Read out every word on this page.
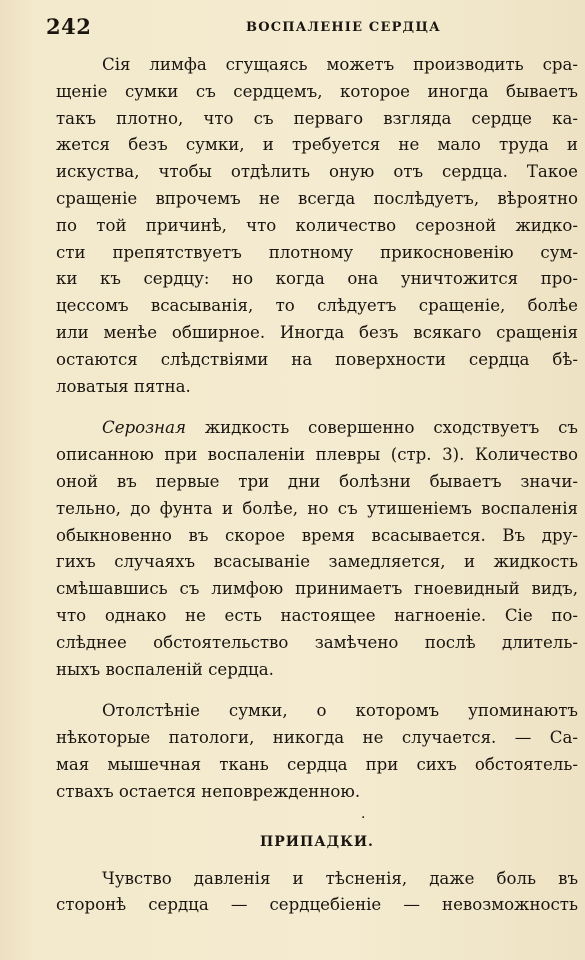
242	ВОСПАЛЕНІЕ СЕРДЦА
Сія лимфа сгущаясь можетъ производить сра-
щеніе сумки съ сердцемъ, которое иногда бываетъ
такъ плотно, что съ перваго взгляда сердце ка-
жется безъ сумки, и требуется не мало труда и
искуства, чтобы отдѣлить оную отъ сердца. Такое
сращеніе впрочемъ не всегда послѣдуетъ, вѣроятно
по той причинѣ, что количество серозной жидко-
сти препятствуетъ плотному прикосновенію сум-
ки къ сердцу: но когда она уничтожится про-
цессомъ всасыванія, то слѣдуетъ сращеніе, болѣе
или менѣе обширное. Иногда безъ всякаго сращенія
остаются слѣдствіями на поверхности сердца бѣ-
ловатыя пятна.
Серозная жидкость совершенно сходствуетъ съ
описанною при воспаленіи плевры (стр. 3). Количество
оной въ первые три дни болѣзни бываетъ значи-
тельно, до фунта и болѣе, но съ утишеніемъ воспаленія
обыкновенно въ скорое время всасывается. Въ дру-
гихъ случаяхъ всасываніе замедляется, и жидкость
смѣшавшись съ лимфою принимаетъ гноевидный видъ,
что однако не есть настоящее нагноеніе. Сіе по-
слѣднее обстоятельство замѣчено послѣ длитель-
ныхъ воспаленій сердца.
Отолстѣніе сумки, о которомъ упоминаютъ
нѣкоторые патологи, никогда не случается. — Са-
мая мышечная ткань сердца при сихъ обстоятель-
ствахъ остается неповрежденною.
·
ПРИПАДКИ.
Чувство давленія и тѣсненія, даже боль въ
сторонѣ сердца — сердцебіеніе — невозможность
